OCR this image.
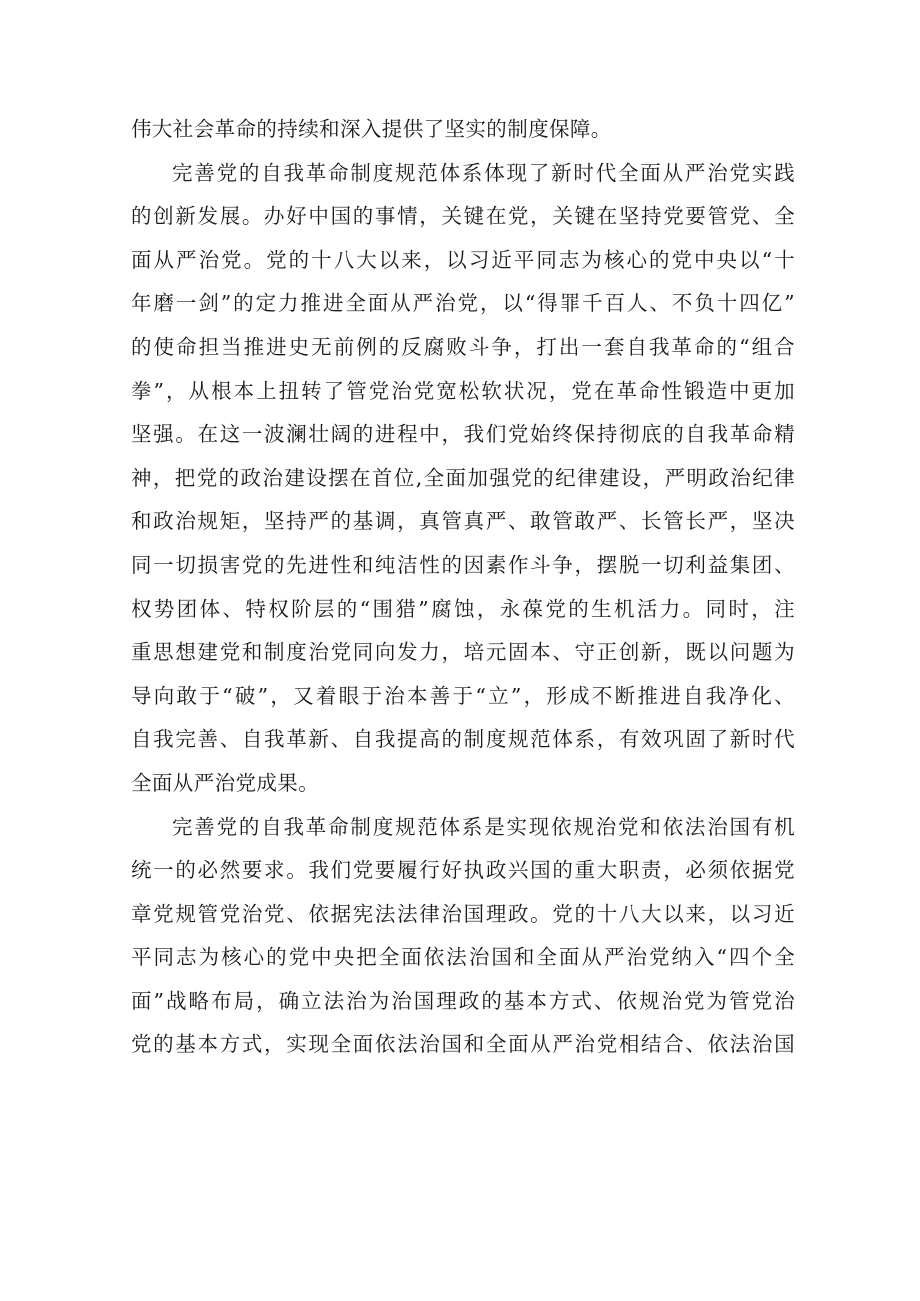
伟大社会革命的持续和深入提供了坚实的制度保障。

完善党的自我革命制度规范体系体现了新时代全面从严治党实践
的创新发展。办好中国的事情，关键在党，关键在坚持党要管党、全
面从严治党。党的十八大以来，以习近平同志为核心的党中央以“十
年磨一剑”的定力推进全面从严治党，以“得罪千百人、不负十四亿”
的使命担当推进史无前例的反腐败斗争，打出一套自我革命的“组合
拳”，从根本上扭转了管党治党宽松软状况，党在革命性锻造中更加
坚强。在这一波澜壮阔的进程中，我们党始终保持彻底的自我革命精
神，把党的政治建设摆在首位,全面加强党的纪律建设，严明政治纪律
和政治规矩，坚持严的基调，真管真严、敢管敢严、长管长严，坚决
同一切损害党的先进性和纯洁性的因素作斗争，摆脱一切利益集团、
权势团体、特权阶层的“围猎”腐蚀，永葆党的生机活力。同时，注
重思想建党和制度治党同向发力，培元固本、守正创新，既以问题为
导向敢于“破”，又着眼于治本善于“立”，形成不断推进自我净化、
自我完善、自我革新、自我提高的制度规范体系，有效巩固了新时代
全面从严治党成果。

完善党的自我革命制度规范体系是实现依规治党和依法治国有机
统一的必然要求。我们党要履行好执政兴国的重大职责，必须依据党
章党规管党治党、依据宪法法律治国理政。党的十八大以来，以习近
平同志为核心的党中央把全面依法治国和全面从严治党纳入“四个全
面”战略布局，确立法治为治国理政的基本方式、依规治党为管党治
党的基本方式，实现全面依法治国和全面从严治党相结合、依法治国
